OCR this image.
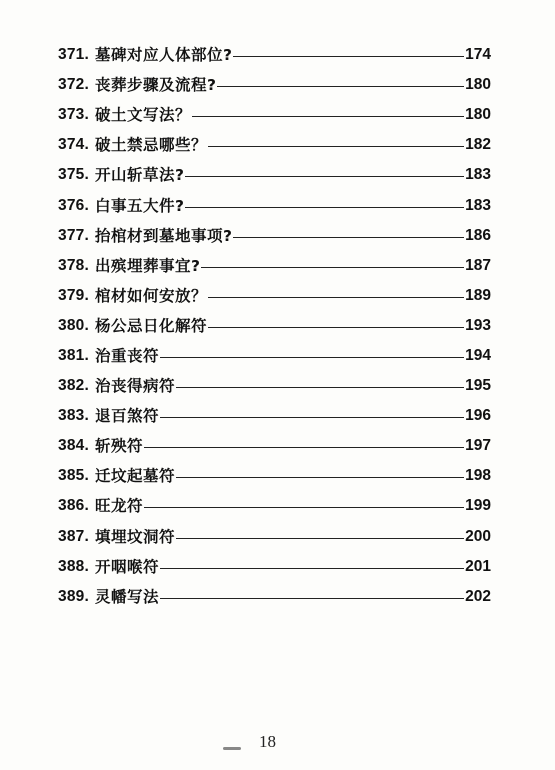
371. 墓碑对应人体部位?	174
372. 丧葬步骤及流程?	180
373. 破土文写法？	180
374. 破土禁忌哪些？	182
375. 开山斩草法?	183
376. 白事五大件?	183
377. 抬棺材到墓地事项?	186
378. 出殡埋葬事宜?	187
379. 棺材如何安放？	189
380. 杨公忌日化解符	193
381. 治重丧符	194
382. 治丧得病符	195
383. 退百煞符	196
384. 斩殃符	197
385. 迁坟起墓符	198
386. 旺龙符	199
387. 填埋坟洞符	200
388. 开咽喉符	201
389. 灵幡写法	202
18
